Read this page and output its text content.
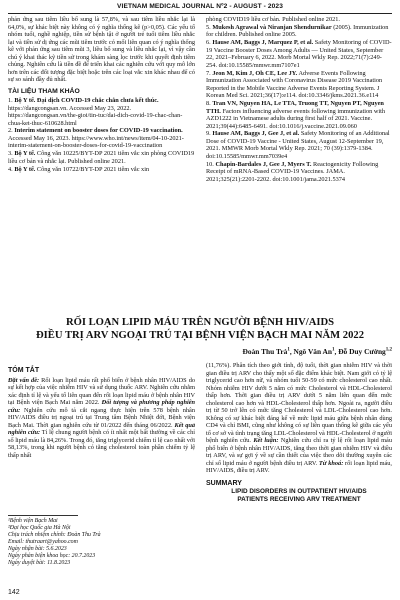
VIETNAM MEDICAL JOURNAL Nº2 - AUGUST - 2023

phản ứng sau tiêm liều bổ sung là 57,8%, và sau tiêm liều nhắc lại là 64,0%, sự khác biệt này không có ý nghĩa thống kê (p>0,05). Các yếu tố nhóm tuổi, nghề nghiệp, tiền sử bệnh tật ở người trẻ tuổi tiêm liều nhắc lại và tiền sử dị ứng các mũi tiêm trước có mối liên quan có ý nghĩa thống kê với phản ứng sau tiêm mũi 3, liều bổ sung và liều nhắc lại, vì vậy cần chú ý khai thác kỹ tiền sử trong khám sàng lọc trước khi quyết định tiêm chủng. Nghiên cứu là tiền đề để triển khai các nghiên cứu với quy mô lớn hơn trên các đối tượng đặc biệt hoặc trên các loại vắc xin khác nhau để có sự so sánh đầy đủ nhất.

TÀI LIỆU THAM KHẢO
1. Bộ Y tế. Đại dịch COVID-19 chắc chắn chưa kết thúc. https://dangcongsan.vn. Accessed May 23, 2022. https://dangcongsan.vn/the-gioi/tin-tuc/dai-dich-covid-19-chac-chan-chua-ket-thuc-610628.html
2. Interim statement on booster doses for COVID-19 vaccination. Accessed May 16, 2023. https://www.who.int/news/item/04-10-2021-interim-statement-on-booster-doses-for-covid-19-vaccination
3. Bộ Y tế. Công văn 10225/BYT-DP 2021 tiêm vắc xin phòng COVID19 liều cơ bản và nhắc lại. Published online 2021.
4. Bộ Y tế. Công văn 10722/BYT-DP 2021 tiêm vắc xin
phòng COVID19 liều cơ bản. Published online 2021.
5. Mukesh Agrawal và Niranjan Shendurnikar (2005). Immunization for children. Published online 2005.
6. Hause AM, Baggs J, Marquez P, et al. Safety Monitoring of COVID-19 Vaccine Booster Doses Among Adults — United States, September 22, 2021–February 6, 2022. Morb Mortal Wkly Rep. 2022;71(7):249-254. doi:10.15585/mmwr.mm7107e1
7. Jeon M, Kim J, Oh CE, Lee JY. Adverse Events Following Immunization Associated with Coronavirus Disease 2019 Vaccination Reported in the Mobile Vaccine Adverse Events Reporting System. J Korean Med Sci. 2021;36(17):e114. doi:10.3346/jkms.2021.36.e114
8. Tran VN, Nguyen HA, Le TTA, Truong TT, Nguyen PT, Nguyen TTH. Factors influencing adverse events following immunization with AZD1222 in Vietnamese adults during first half of 2021. Vaccine. 2021;39(44):6485-6491. doi:10.1016/j.vaccine.2021.09.060
9. Hause AM, Baggs J, Gee J, et al. Safety Monitoring of an Additional Dose of COVID-19 Vaccine - United States, August 12-September 19, 2021. MMWR Morb Mortal Wkly Rep. 2021; 70 (39):1379-1384. doi:10.15585/mmwr.mm7039e4
10. Chapin-Bardales J, Gee J, Myers T. Reactogenicity Following Receipt of mRNA-Based COVID-19 Vaccines. JAMA. 2021;325(21):2201-2202. doi:10.1001/jama.2021.5374
RỐI LOẠN LIPID MÁU TRÊN NGƯỜI BỆNH HIV/AIDS
ĐIỀU TRỊ ARV NGOẠI TRÚ TẠI BỆNH VIỆN BẠCH MAI NĂM 2022
Đoàn Thu Trà$^1$, Ngô Văn An$^1$, Đỗ Duy Cường$^{1,2}$
TÓM TẮT

Đặt vấn đề: Rối loạn lipid máu rất phổ biến ở bệnh nhân HIV/AIDS do sự kết hợp của việc nhiễm HIV và sử dụng thuốc ARV. Nghiên cứu nhằm xác định tỉ lệ và yếu tố liên quan đến rối loạn lipid máu ở bệnh nhân HIV tại Bệnh viện Bạch Mai năm 2022. Đối tượng và phương pháp nghiên cứu: Nghiên cứu mô tả cắt ngang thực hiện trên 578 bệnh nhân HIV/AIDS điều trị ngoại trú tại Trung tâm Bệnh Nhiệt đới, Bệnh viện Bạch Mai. Thời gian nghiên cứu từ 01/2022 đến tháng 06/2022. Kết quả nghiên cứu: Tỉ lệ chung người bệnh có ít nhất một bất thường về các chỉ số lipid máu là 84,26%. Trong đó, tăng triglycerid chiếm tỉ lệ cao nhất với 58,13%, trong khi người bệnh có tăng cholesterol toàn phần chiếm tỷ lệ thấp nhất

¹Bệnh viện Bạch Mai
²Đại học Quốc gia Hà Nội
Chịu trách nhiệm chính: Đoàn Thu Trà
Email: thutraart@yahoo.com
Ngày nhận bài: 5.6.2023
Ngày phản biện khoa học: 20.7.2023
Ngày duyệt bài: 11.8.2023

(11,76%). Phân tích theo giới tính, độ tuổi, thời gian nhiễm HIV và thời gian điều trị ARV cho thấy một số đặc điểm khác biệt. Nam giới có tỷ lệ triglycerid cao hơn nữ, và nhóm tuổi 50-59 có mức cholesterol cao nhất. Nhóm nhiễm HIV dưới 5 năm có mức Cholesterol và HDL-Cholesterol thấp hơn. Thời gian điều trị ARV dưới 5 năm liên quan đến mức cholesterol cao hơn và HDL-Cholesterol thấp hơn. Ngoài ra, người điều trị từ 50 trở lên có mức tăng Cholesterol và LDL-Cholesterol cao hơn. Không có sự khác biệt đáng kể về mức lipid máu giữa bệnh nhân dùng CD4 và chỉ BMI, cũng như không có sự liên quan thống kê giữa các yếu tố cơ sở và tình trạng tăng LDL-Cholesterol và HDL-Cholesterol ở người bệnh nghiên cứu. Kết luận: Nghiên cứu chỉ ra tỷ lệ rối loạn lipid máu phổ biến ở bệnh nhân HIV/AIDS, tăng theo thời gian nhiễm HIV và điều trị ARV, và sự gợi ý về sự cần thiết của việc theo dõi thường xuyên các chỉ số lipid máu ở người bệnh điều trị ARV. Từ khoá: rối loạn lipid máu, HIV/AIDS, điều trị ARV.

SUMMARY
LIPID DISORDERS IN OUTPATIENT HIV/AIDS
PATIENTS RECEIVING ARV TREATMENT
142
